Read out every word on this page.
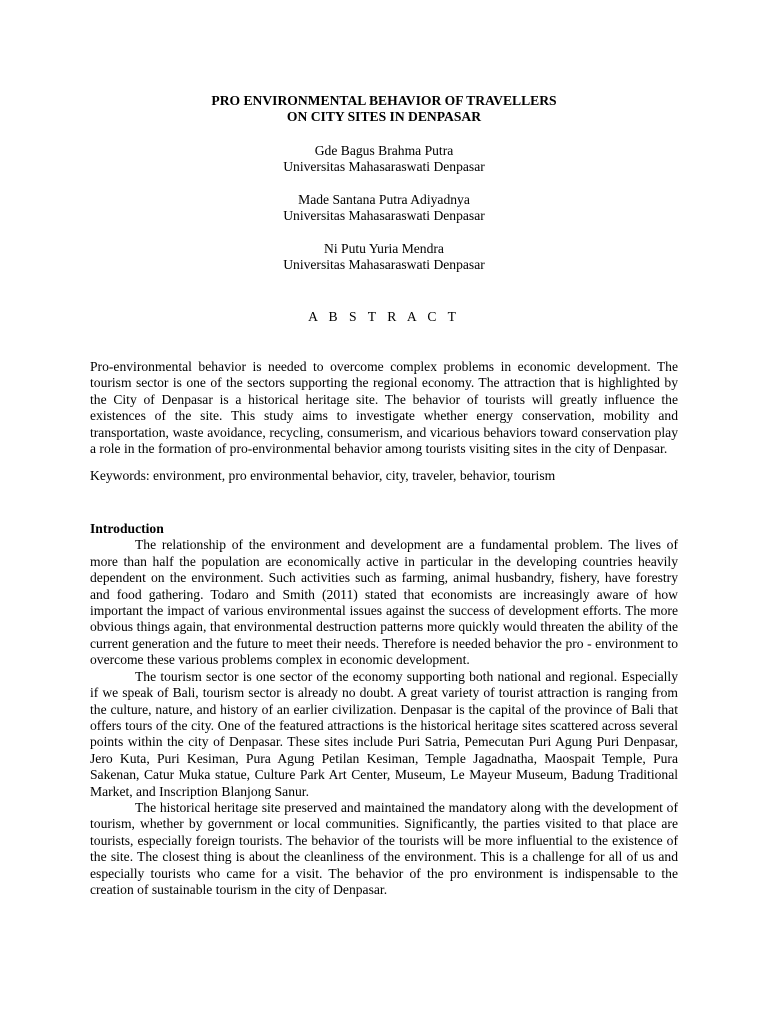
PRO ENVIRONMENTAL BEHAVIOR OF TRAVELLERS
ON CITY SITES IN DENPASAR
Gde Bagus Brahma Putra
Universitas Mahasaraswati Denpasar
Made Santana Putra Adiyadnya
Universitas Mahasaraswati Denpasar
Ni Putu Yuria Mendra
Universitas Mahasaraswati Denpasar
A B S T R A C T
Pro-environmental behavior is needed to overcome complex problems in economic development. The tourism sector is one of the sectors supporting the regional economy. The attraction that is highlighted by the City of Denpasar is a historical heritage site. The behavior of tourists will greatly influence the existences of the site. This study aims to investigate whether energy conservation, mobility and transportation, waste avoidance, recycling, consumerism, and vicarious behaviors toward conservation play a role in the formation of pro-environmental behavior among tourists visiting sites in the city of Denpasar.
Keywords: environment, pro environmental behavior, city, traveler, behavior, tourism
Introduction

The relationship of the environment and development are a fundamental problem. The lives of more than half the population are economically active in particular in the developing countries heavily dependent on the environment. Such activities such as farming, animal husbandry, fishery, have forestry and food gathering. Todaro and Smith (2011) stated that economists are increasingly aware of how important the impact of various environmental issues against the success of development efforts. The more obvious things again, that environmental destruction patterns more quickly would threaten the ability of the current generation and the future to meet their needs. Therefore is needed behavior the pro - environment to overcome these various problems complex in economic development.

The tourism sector is one sector of the economy supporting both national and regional. Especially if we speak of Bali, tourism sector is already no doubt. A great variety of tourist attraction is ranging from the culture, nature, and history of an earlier civilization. Denpasar is the capital of the province of Bali that offers tours of the city. One of the featured attractions is the historical heritage sites scattered across several points within the city of Denpasar. These sites include Puri Satria, Pemecutan Puri Agung Puri Denpasar, Jero Kuta, Puri Kesiman, Pura Agung Petilan Kesiman, Temple Jagadnatha, Maospait Temple, Pura Sakenan, Catur Muka statue, Culture Park Art Center, Museum, Le Mayeur Museum, Badung Traditional Market, and Inscription Blanjong Sanur.

The historical heritage site preserved and maintained the mandatory along with the development of tourism, whether by government or local communities. Significantly, the parties visited to that place are tourists, especially foreign tourists. The behavior of the tourists will be more influential to the existence of the site. The closest thing is about the cleanliness of the environment. This is a challenge for all of us and especially tourists who came for a visit. The behavior of the pro environment is indispensable to the creation of sustainable tourism in the city of Denpasar.
